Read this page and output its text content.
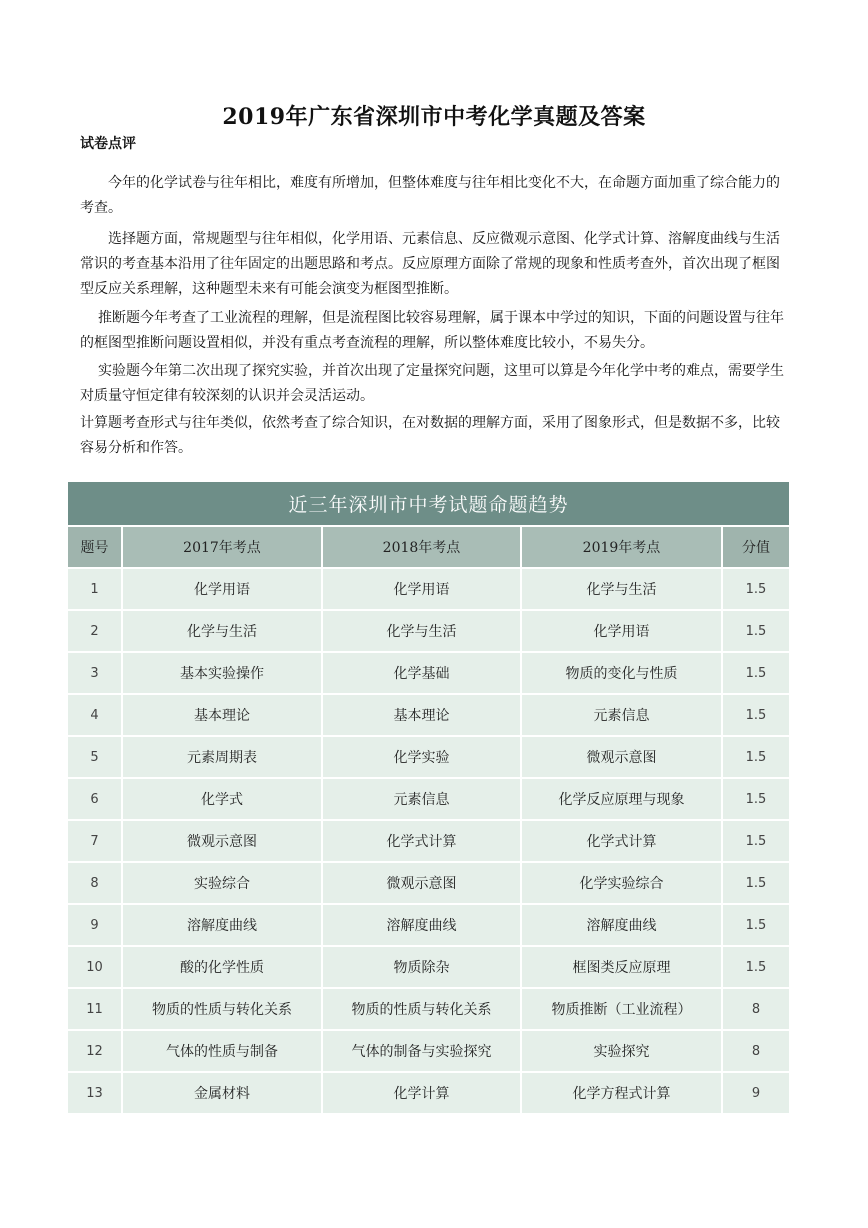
2019年广东省深圳市中考化学真题及答案
试卷点评

今年的化学试卷与往年相比，难度有所增加，但整体难度与往年相比变化不大，在命题方面加重了综合能力的考查。

选择题方面，常规题型与往年相似，化学用语、元素信息、反应微观示意图、化学式计算、溶解度曲线与生活常识的考查基本沿用了往年固定的出题思路和考点。反应原理方面除了常规的现象和性质考查外，首次出现了框图型反应关系理解，这种题型未来有可能会演变为框图型推断。

推断题今年考查了工业流程的理解，但是流程图比较容易理解，属于课本中学过的知识，下面的问题设置与往年的框图型推断问题设置相似，并没有重点考查流程的理解，所以整体难度比较小，不易失分。

实验题今年第二次出现了探究实验，并首次出现了定量探究问题，这里可以算是今年化学中考的难点，需要学生对质量守恒定律有较深刻的认识并会灵活运动。

计算题考查形式与往年类似，依然考查了综合知识，在对数据的理解方面，采用了图象形式，但是数据不多，比较容易分析和作答。

近三年深圳市中考试题命题趋势				
题号	2017年考点	2018年考点	2019年考点	分值
1	化学用语	化学用语	化学与生活	1.5
2	化学与生活	化学与生活	化学用语	1.5
3	基本实验操作	化学基础	物质的变化与性质	1.5
4	基本理论	基本理论	元素信息	1.5
5	元素周期表	化学实验	微观示意图	1.5
6	化学式	元素信息	化学反应原理与现象	1.5
7	微观示意图	化学式计算	化学式计算	1.5
8	实验综合	微观示意图	化学实验综合	1.5
9	溶解度曲线	溶解度曲线	溶解度曲线	1.5
10	酸的化学性质	物质除杂	框图类反应原理	1.5
11	物质的性质与转化关系	物质的性质与转化关系	物质推断（工业流程）	8
12	气体的性质与制备	气体的制备与实验探究	实验探究	8
13	金属材料	化学计算	化学方程式计算	9
